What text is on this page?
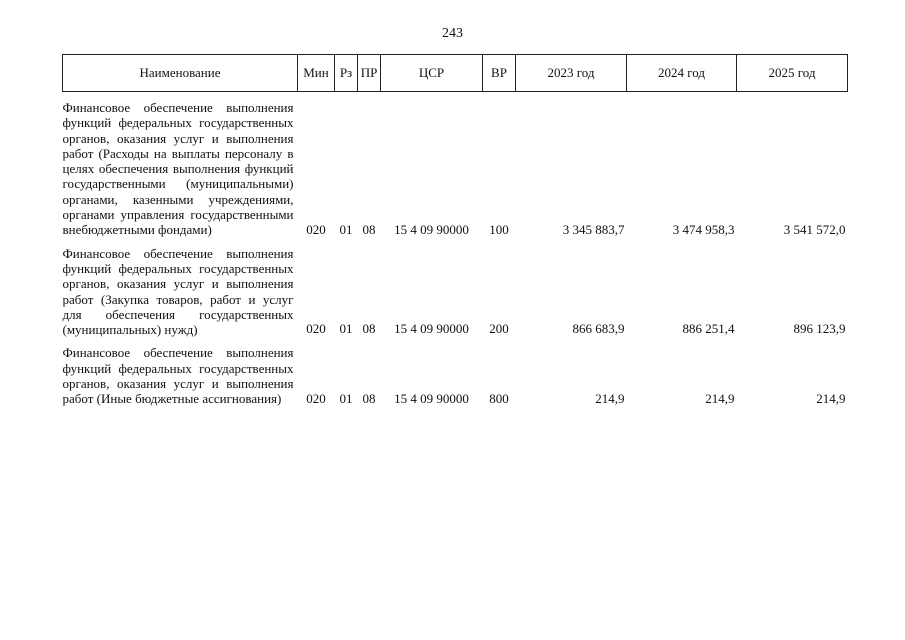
243
Наименование	Мин	Рз	ПР	ЦСР	ВР	2023 год	2024 год	2025 год
Финансовое обеспечение выполнения функций федеральных государственных органов, оказания услуг и выполнения работ (Расходы на выплаты персоналу в целях обеспечения выполнения функций государственными (муниципальными) органами, казенными учреждениями, органами управления государственными внебюджетными фондами)	020	01	08	15 4 09 90000	100	3 345 883,7	3 474 958,3	3 541 572,0
Финансовое обеспечение выполнения функций федеральных государственных органов, оказания услуг и выполнения работ (Закупка товаров, работ и услуг для обеспечения государственных (муниципальных) нужд)	020	01	08	15 4 09 90000	200	866 683,9	886 251,4	896 123,9
Финансовое обеспечение выполнения функций федеральных государственных органов, оказания услуг и выполнения работ (Иные бюджетные ассигнования)	020	01	08	15 4 09 90000	800	214,9	214,9	214,9
